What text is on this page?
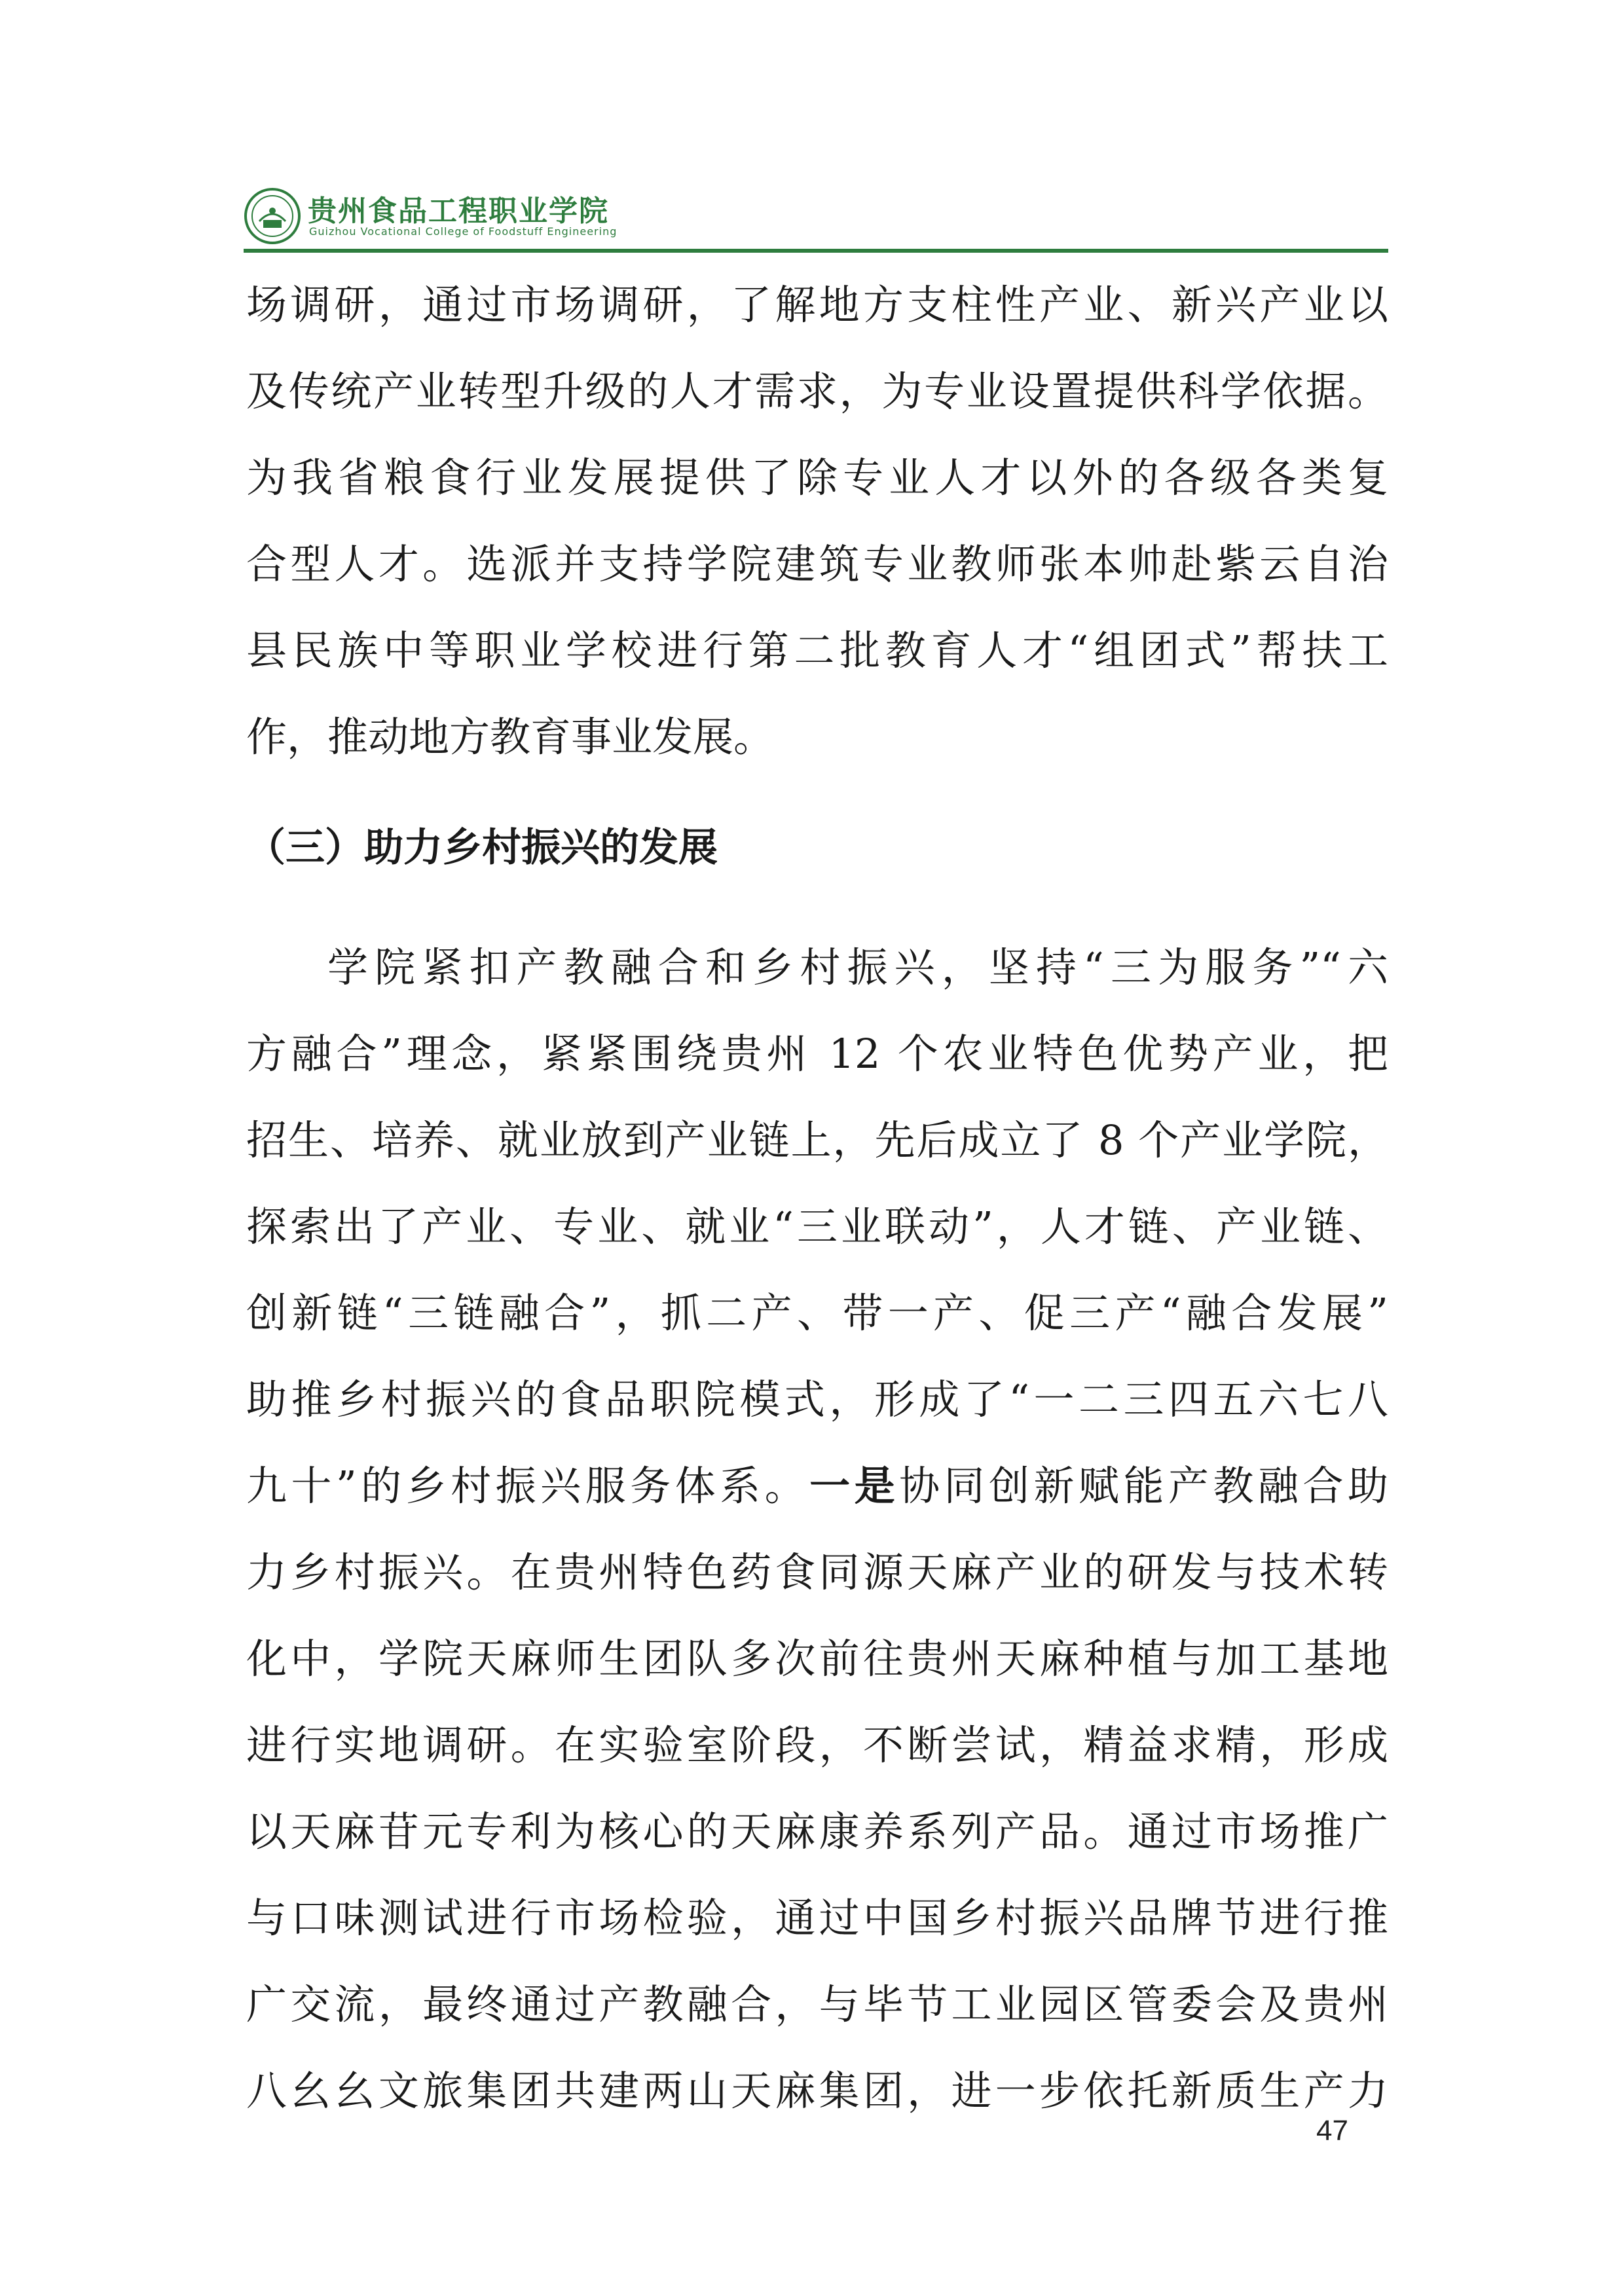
贵州食品工程职业学院
Guizhou Vocational College of Foodstuff Engineering
场调研，通过市场调研，了解地方支柱性产业、新兴产业以
及传统产业转型升级的人才需求，为专业设置提供科学依据。
为我省粮食行业发展提供了除专业人才以外的各级各类复
合型人才。选派并支持学院建筑专业教师张本帅赴紫云自治
县民族中等职业学校进行第二批教育人才“组团式”帮扶工
作，推动地方教育事业发展。
（三）助力乡村振兴的发展
学院紧扣产教融合和乡村振兴，坚持“三为服务”“六
方融合”理念，紧紧围绕贵州 12 个农业特色优势产业，把
招生、培养、就业放到产业链上，先后成立了 8 个产业学院，
探索出了产业、专业、就业“三业联动”，人才链、产业链、
创新链“三链融合”，抓二产、带一产、促三产“融合发展”
助推乡村振兴的食品职院模式，形成了“一二三四五六七八
九十”的乡村振兴服务体系。一是协同创新赋能产教融合助
力乡村振兴。在贵州特色药食同源天麻产业的研发与技术转
化中，学院天麻师生团队多次前往贵州天麻种植与加工基地
进行实地调研。在实验室阶段，不断尝试，精益求精，形成
以天麻苷元专利为核心的天麻康养系列产品。通过市场推广
与口味测试进行市场检验，通过中国乡村振兴品牌节进行推
广交流，最终通过产教融合，与毕节工业园区管委会及贵州
八幺幺文旅集团共建两山天麻集团，进一步依托新质生产力
47
